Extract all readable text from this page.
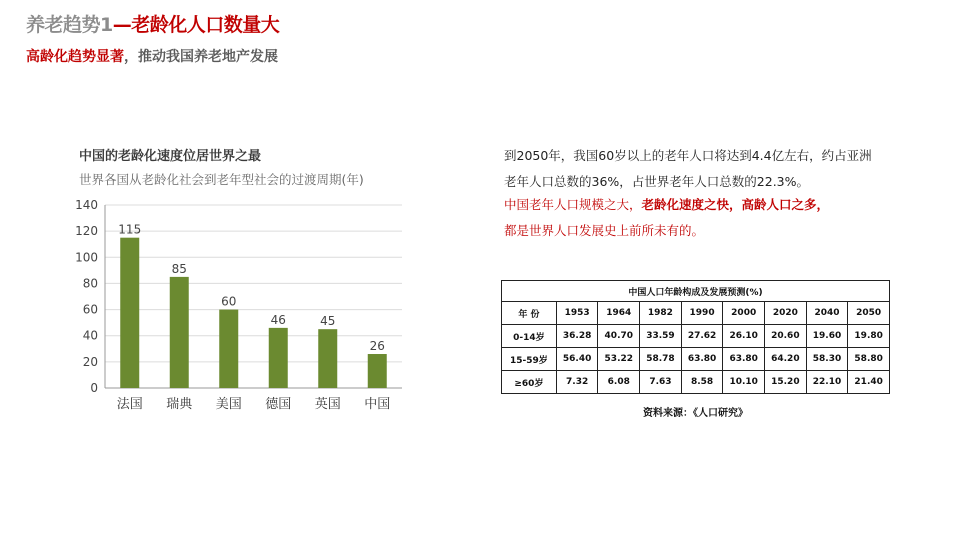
养老趋势1—老龄化人口数量大
高龄化趋势显著，推动我国养老地产发展
中国的老龄化速度位居世界之最
世界各国从老龄化社会到老年型社会的过渡周期(年)
0
20
40
60
80
100
120
140
115
法国
85
瑞典
60
美国
46
德国
45
英国
26
中国
到2050年，我国60岁以上的老年人口将达到4.4亿左右，约占亚洲老年人口总数的36%，占世界老年人口总数的22.3%。
中国老年人口规模之大，老龄化速度之快，高龄人口之多，
都是世界人口发展史上前所未有的。
中国人口年龄构成及发展预测(%)								
年 份	1953	1964	1982	1990	2000	2020	2040	2050
0-14岁	36.28	40.70	33.59	27.62	26.10	20.60	19.60	19.80
15-59岁	56.40	53.22	58.78	63.80	63.80	64.20	58.30	58.80
≥60岁	7.32	6.08	7.63	8.58	10.10	15.20	22.10	21.40
资料来源：《人口研究》
